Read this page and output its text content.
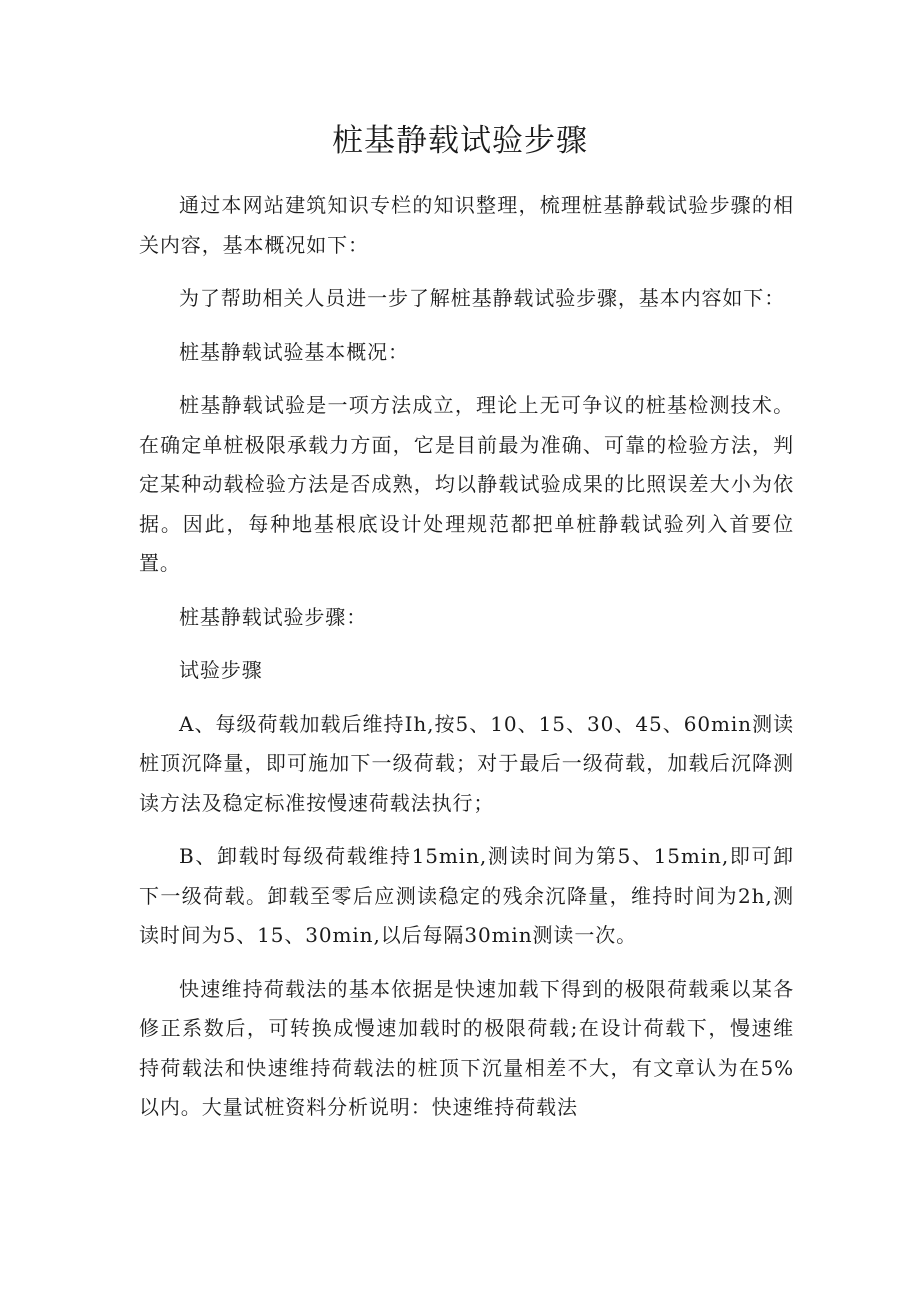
桩基静载试验步骤

通过本网站建筑知识专栏的知识整理，梳理桩基静载试验步骤的相关内容，基本概况如下：

为了帮助相关人员进一步了解桩基静载试验步骤，基本内容如下：

桩基静载试验基本概况：

桩基静载试验是一项方法成立，理论上无可争议的桩基检测技术。在确定单桩极限承载力方面，它是目前最为准确、可靠的检验方法，判定某种动载检验方法是否成熟，均以静载试验成果的比照误差大小为依据。因此，每种地基根底设计处理规范都把单桩静载试验列入首要位置。

桩基静载试验步骤：

试验步骤

A、每级荷载加载后维持Ih,按5、10、15、30、45、60min测读桩顶沉降量，即可施加下一级荷载；对于最后一级荷载，加载后沉降测读方法及稳定标准按慢速荷载法执行；

B、卸载时每级荷载维持15min,测读时间为第5、15min,即可卸下一级荷载。卸载至零后应测读稳定的残余沉降量，维持时间为2h,测读时间为5、15、30min,以后每隔30min测读一次。

快速维持荷载法的基本依据是快速加载下得到的极限荷载乘以某各修正系数后，可转换成慢速加载时的极限荷载;在设计荷载下，慢速维持荷载法和快速维持荷载法的桩顶下沉量相差不大，有文章认为在5%以内。大量试桩资料分析说明：快速维持荷载法
